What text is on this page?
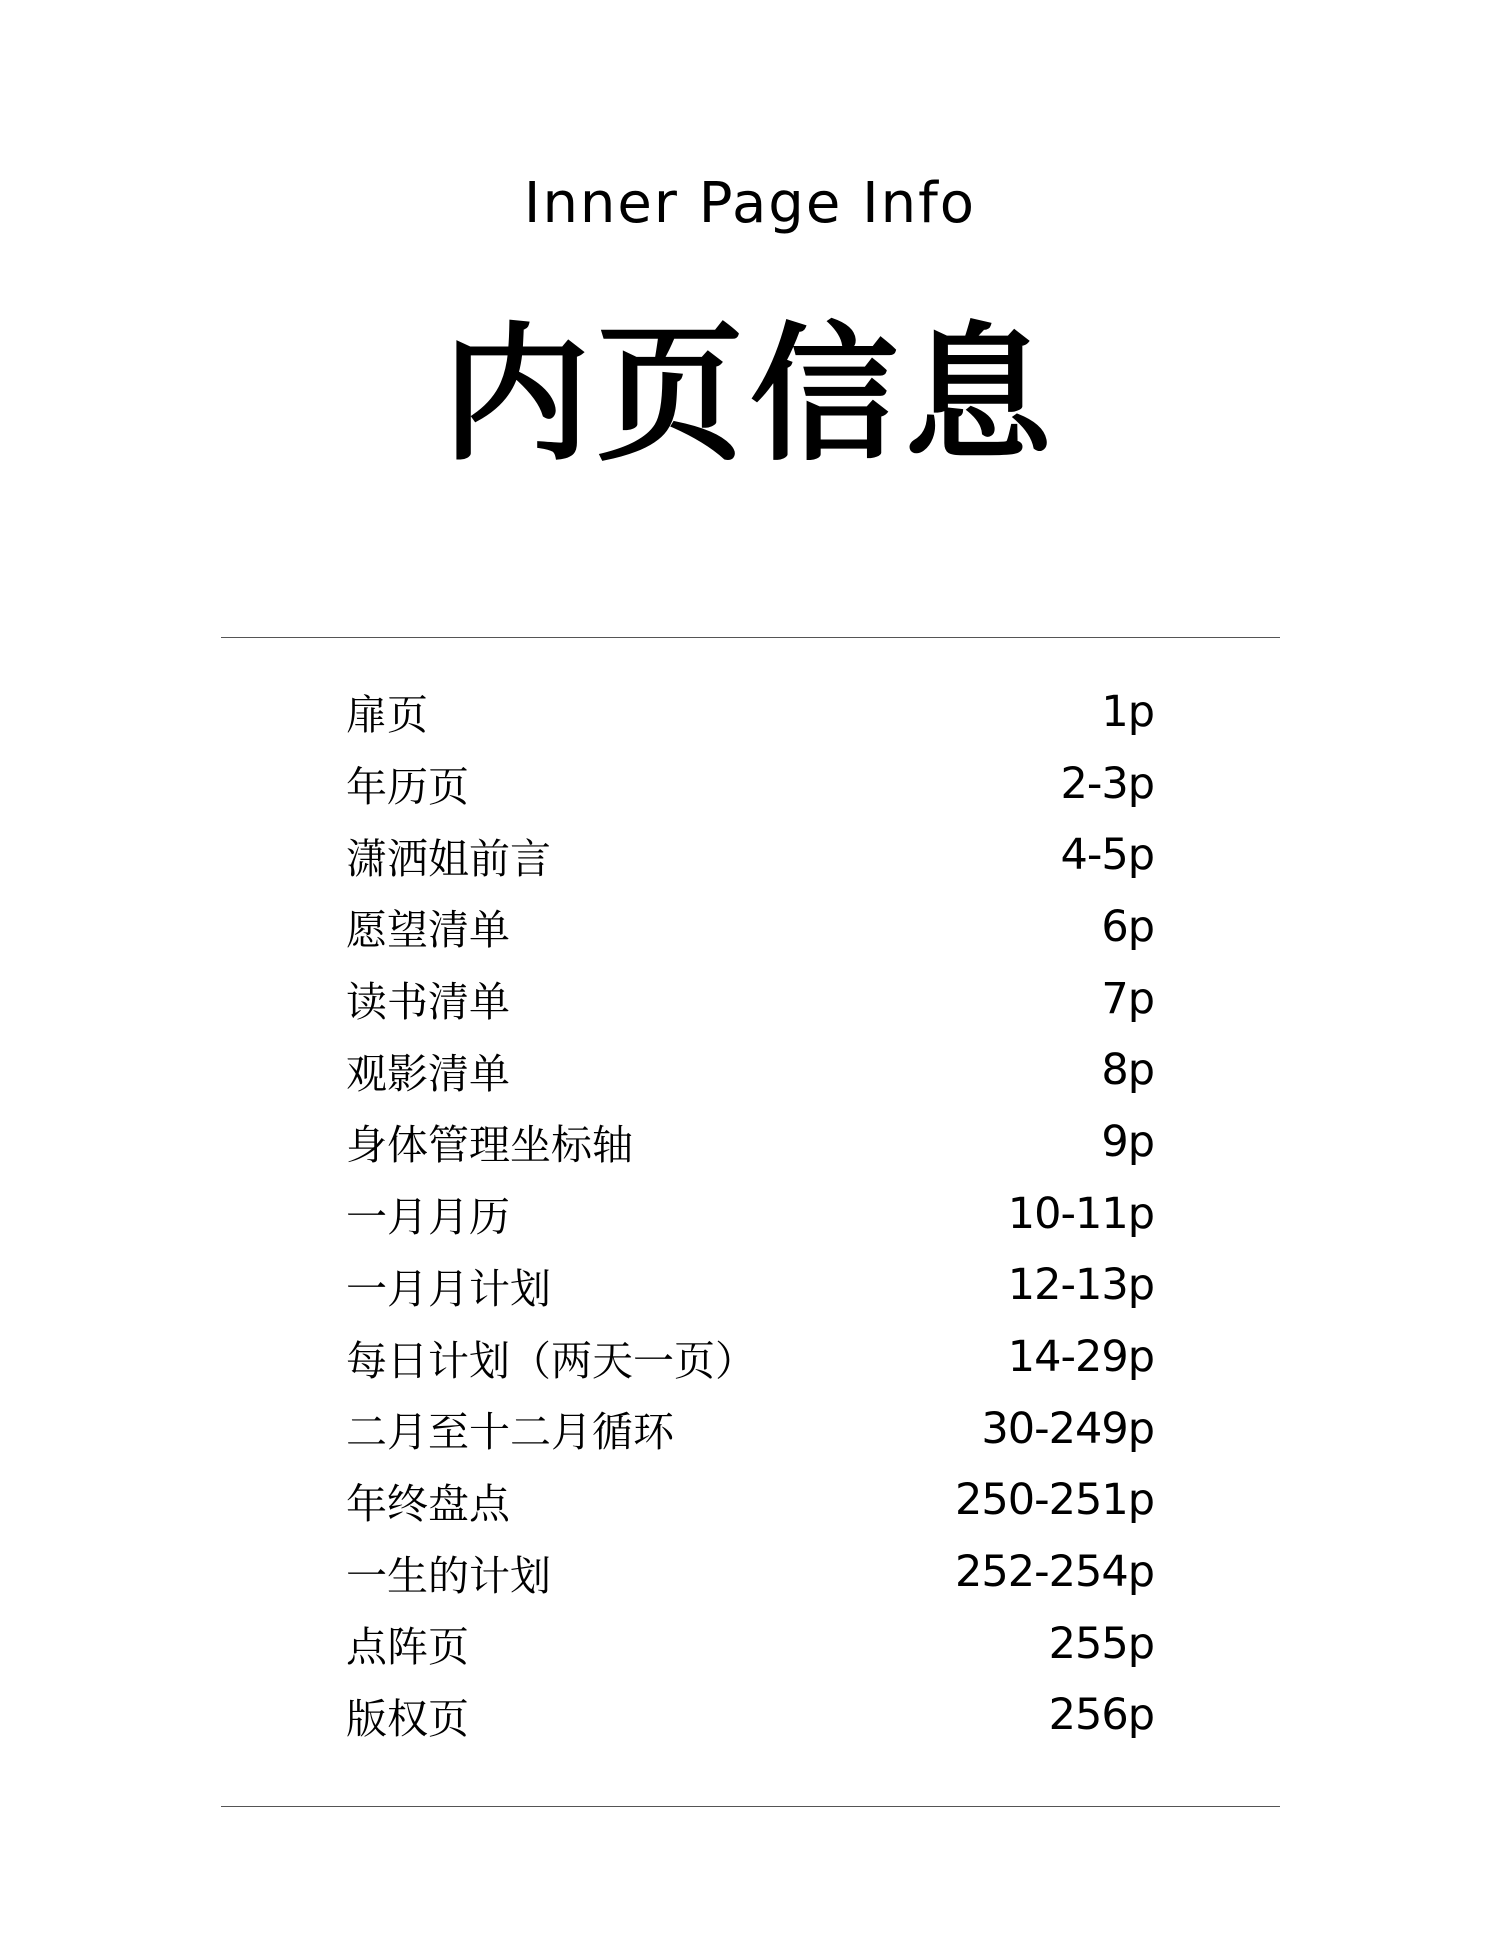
Inner Page Info
内页信息
扉页	1p
年历页	2-3p
潇洒姐前言	4-5p
愿望清单	6p
读书清单	7p
观影清单	8p
身体管理坐标轴	9p
一月月历	10-11p
一月月计划	12-13p
每日计划（两天一页）	14-29p
二月至十二月循环	30-249p
年终盘点	250-251p
一生的计划	252-254p
点阵页	255p
版权页	256p
